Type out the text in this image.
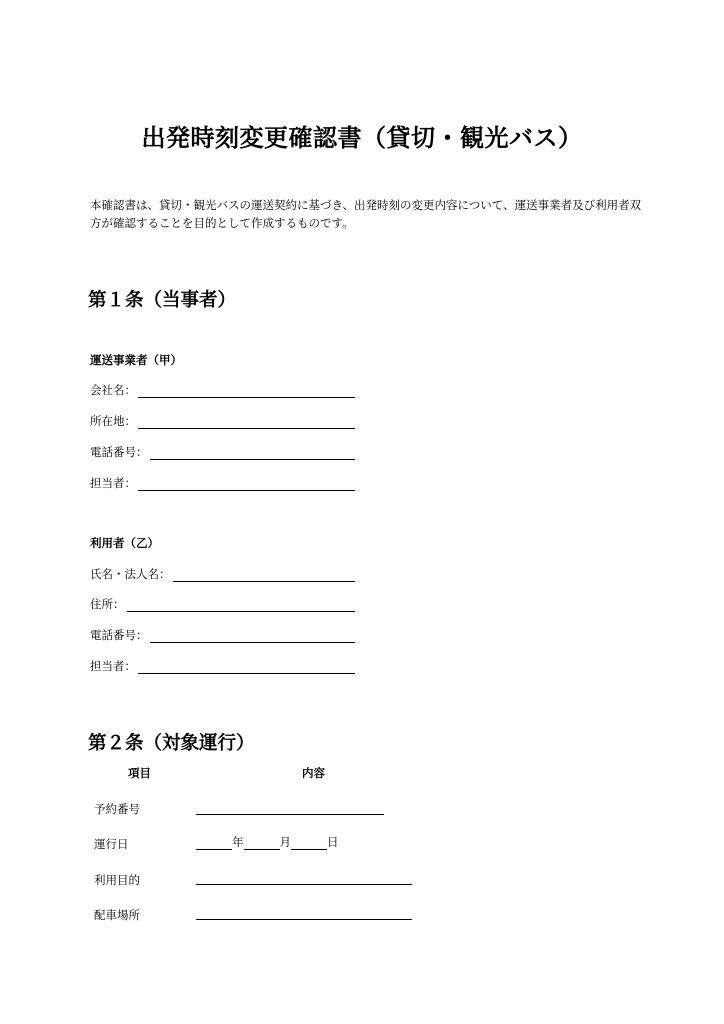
出発時刻変更確認書（貸切・観光バス）
本確認書は、貸切・観光バスの運送契約に基づき、出発時刻の変更内容について、運送事業者及び利用者双方が確認することを目的として作成するものです。
第１条（当事者）
運送事業者（甲）
会社名：
所在地：
電話番号：
担当者：
利用者（乙）
氏名・法人名：
住所：
電話番号：
担当者：
第２条（対象運行）
項目	内容
予約番号
運行日	年	月	日
利用目的
配車場所
